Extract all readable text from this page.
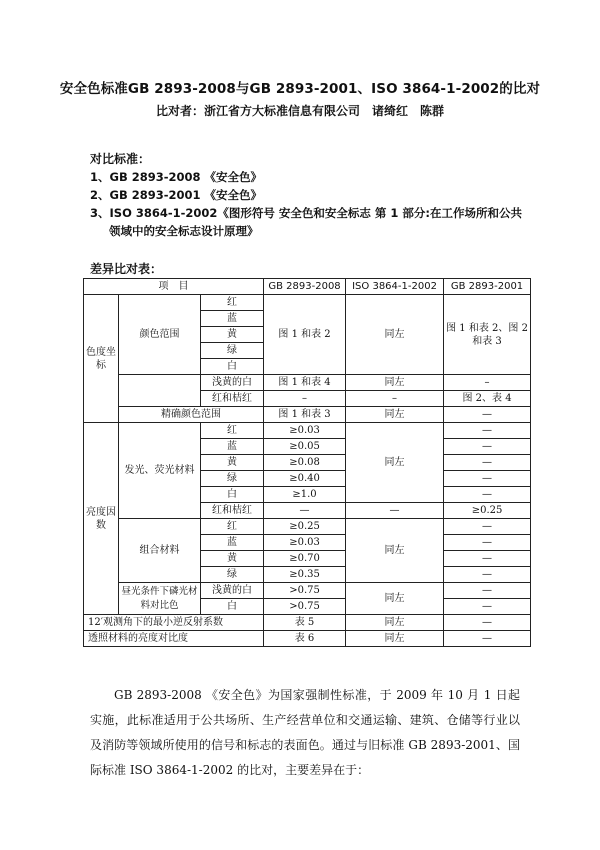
安全色标准GB 2893-2008与GB 2893-2001、ISO 3864-1-2002的比对
比对者：浙江省方大标准信息有限公司　诸绮红　陈群
对比标准：
1、GB 2893-2008 《安全色》
2、GB 2893-2001 《安全色》
3、ISO 3864-1-2002《图形符号 安全色和安全标志 第 1 部分:在工作场所和公共
领域中的安全标志设计原理》
差异比对表：
项　目			GB 2893-2008	ISO 3864-1-2002	GB 2893-2001
色度坐标	颜色范围	红	图 1 和表 2	同左	图 1 和表 2、图 2 和表 3
		蓝			
		黄			
		绿			
		白			
		浅黄的白	图 1 和表 4	同左	–
		红和桔红	–	–	图 2、表 4
	精确颜色范围		图 1 和表 3	同左	—
亮度因数	发光、荧光材料	红	≥0.03	同左	—
		蓝	≥0.05		—
		黄	≥0.08		—
		绿	≥0.40		—
		白	≥1.0		—
		红和桔红	—	—	≥0.25
	组合材料	红	≥0.25	同左	—
		蓝	≥0.03		—
		黄	≥0.70		—
		绿	≥0.35		—
	昼光条件下磷光材料对比色	浅黄的白	>0.75	同左	—
		白	>0.75		—
12′观测角下的最小逆反射系数			表 5	同左	—
透照材料的亮度对比度			表 6	同左	—

GB 2893-2008 《安全色》为国家强制性标准，于 2009 年 10 月 1 日起实施，此标准适用于公共场所、生产经营单位和交通运输、建筑、仓储等行业以及消防等领域所使用的信号和标志的表面色。通过与旧标准 GB 2893-2001、国际标准 ISO 3864-1-2002 的比对，主要差异在于：
